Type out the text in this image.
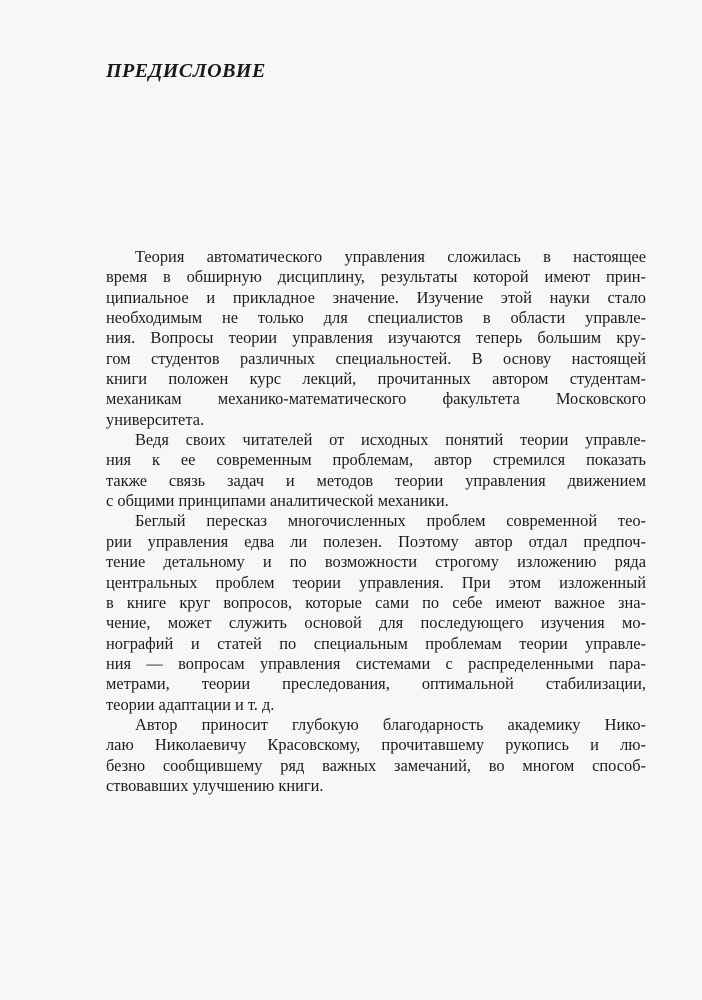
ПРЕДИСЛОВИЕ
Теория автоматического управления сложилась в настоящее
время в обширную дисциплину, результаты которой имеют прин-
ципиальное и прикладное значение. Изучение этой науки стало
необходимым не только для специалистов в области управле-
ния. Вопросы теории управления изучаются теперь большим кру-
гом студентов различных специальностей. В основу настоящей
книги положен курс лекций, прочитанных автором студентам-
механикам механико-математического факультета Московского
университета.
Ведя своих читателей от исходных понятий теории управле-
ния к ее современным проблемам, автор стремился показать
также связь задач и методов теории управления движением
с общими принципами аналитической механики.
Беглый пересказ многочисленных проблем современной тео-
рии управления едва ли полезен. Поэтому автор отдал предпоч-
тение детальному и по возможности строгому изложению ряда
центральных проблем теории управления. При этом изложенный
в книге круг вопросов, которые сами по себе имеют важное зна-
чение, может служить основой для последующего изучения мо-
нографий и статей по специальным проблемам теории управле-
ния — вопросам управления системами с распределенными пара-
метрами, теории преследования, оптимальной стабилизации,
теории адаптации и т. д.
Автор приносит глубокую благодарность академику Нико-
лаю Николаевичу Красовскому, прочитавшему рукопись и лю-
безно сообщившему ряд важных замечаний, во многом способ-
ствовавших улучшению книги.
